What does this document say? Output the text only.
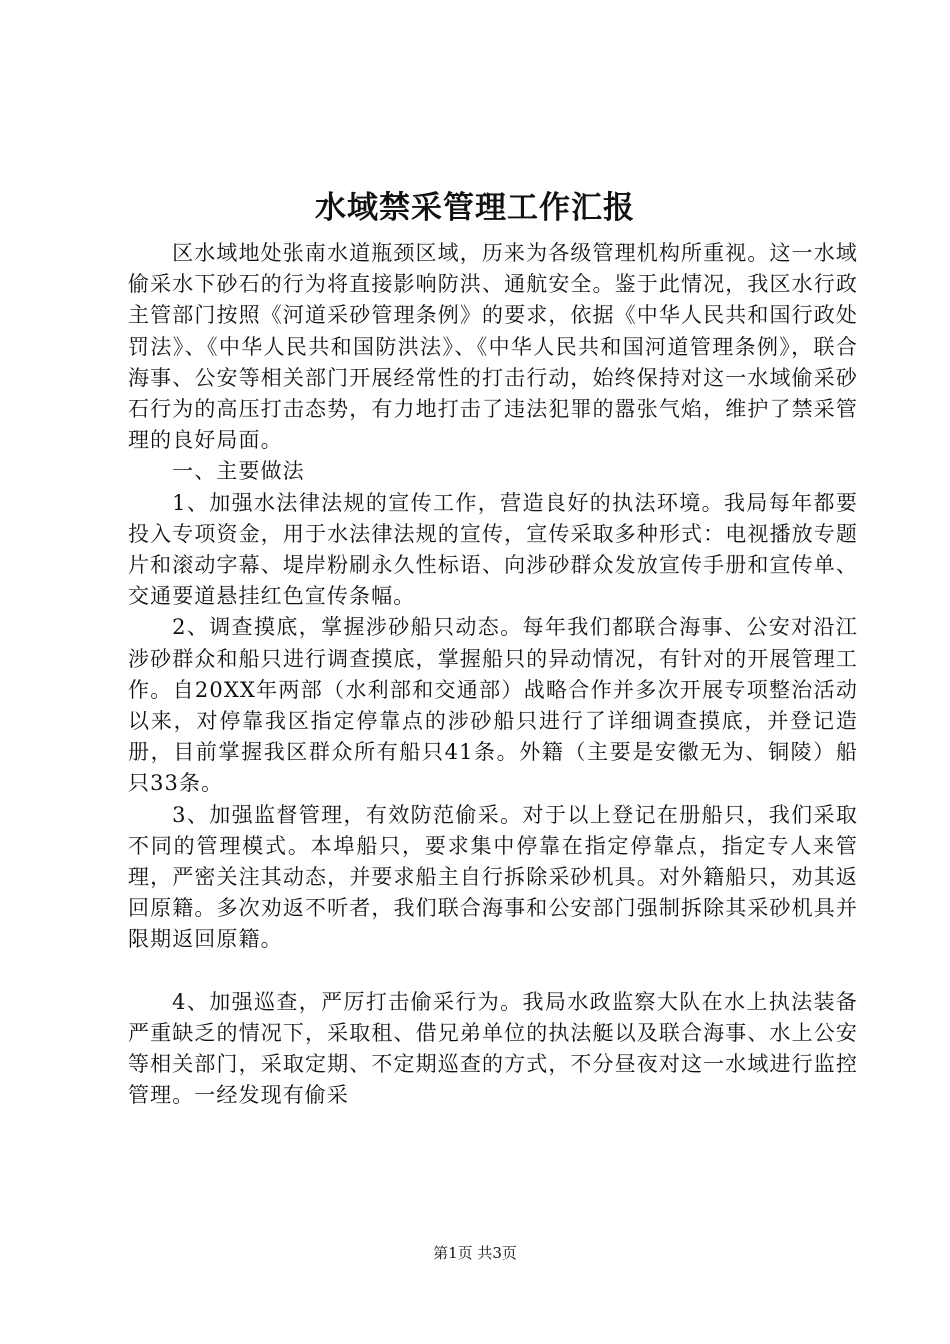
水域禁采管理工作汇报

区水域地处张南水道瓶颈区域，历来为各级管理机构所重视。这一水域偷采水下砂石的行为将直接影响防洪、通航安全。鉴于此情况，我区水行政主管部门按照《河道采砂管理条例》的要求，依据《中华人民共和国行政处罚法》、《中华人民共和国防洪法》、《中华人民共和国河道管理条例》，联合海事、公安等相关部门开展经常性的打击行动，始终保持对这一水域偷采砂石行为的高压打击态势，有力地打击了违法犯罪的嚣张气焰，维护了禁采管理的良好局面。

一、主要做法

1、加强水法律法规的宣传工作，营造良好的执法环境。我局每年都要投入专项资金，用于水法律法规的宣传，宣传采取多种形式：电视播放专题片和滚动字幕、堤岸粉刷永久性标语、向涉砂群众发放宣传手册和宣传单、交通要道悬挂红色宣传条幅。

2、调查摸底，掌握涉砂船只动态。每年我们都联合海事、公安对沿江涉砂群众和船只进行调查摸底，掌握船只的异动情况，有针对的开展管理工作。自20XX年两部（水利部和交通部）战略合作并多次开展专项整治活动以来，对停靠我区指定停靠点的涉砂船只进行了详细调查摸底，并登记造册，目前掌握我区群众所有船只41条。外籍（主要是安徽无为、铜陵）船只33条。

3、加强监督管理，有效防范偷采。对于以上登记在册船只，我们采取不同的管理模式。本埠船只，要求集中停靠在指定停靠点，指定专人来管理，严密关注其动态，并要求船主自行拆除采砂机具。对外籍船只，劝其返回原籍。多次劝返不听者，我们联合海事和公安部门强制拆除其采砂机具并限期返回原籍。

4、加强巡查，严厉打击偷采行为。我局水政监察大队在水上执法装备严重缺乏的情况下，采取租、借兄弟单位的执法艇以及联合海事、水上公安等相关部门，采取定期、不定期巡查的方式，不分昼夜对这一水域进行监控管理。一经发现有偷采

第1页 共3页
